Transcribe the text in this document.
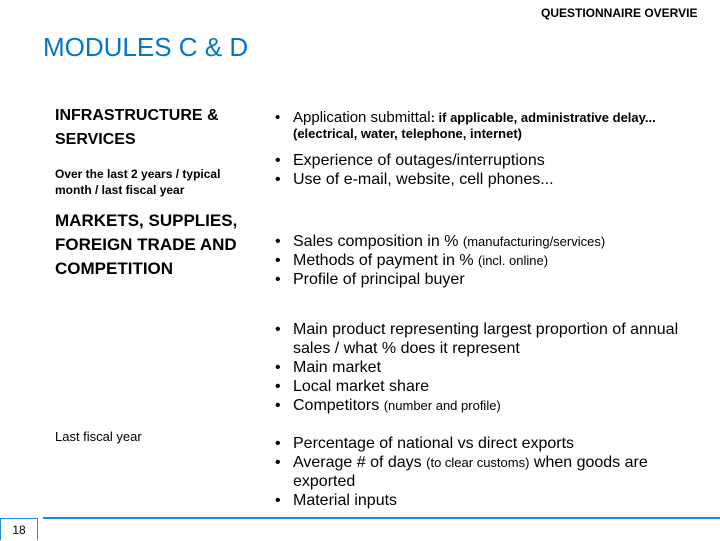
QUESTIONNAIRE OVERVIE
MODULES C & D
INFRASTRUCTURE & SERVICES
Over the last 2 years / typical month / last fiscal year
• Application submittal: if applicable, administrative delay... (electrical, water, telephone, internet)
• Experience of outages/interruptions
• Use of e-mail, website, cell phones...
MARKETS, SUPPLIES, FOREIGN TRADE AND COMPETITION
• Sales composition in % (manufacturing/services)
• Methods of payment in % (incl. online)
• Profile of principal buyer
• Main product representing largest proportion of annual sales / what % does it represent
• Main market
• Local market share
• Competitors (number and profile)
Last fiscal year
•	Percentage of national vs direct exports
• Average # of days (to clear customs) when goods are exported
• Material inputs
18
